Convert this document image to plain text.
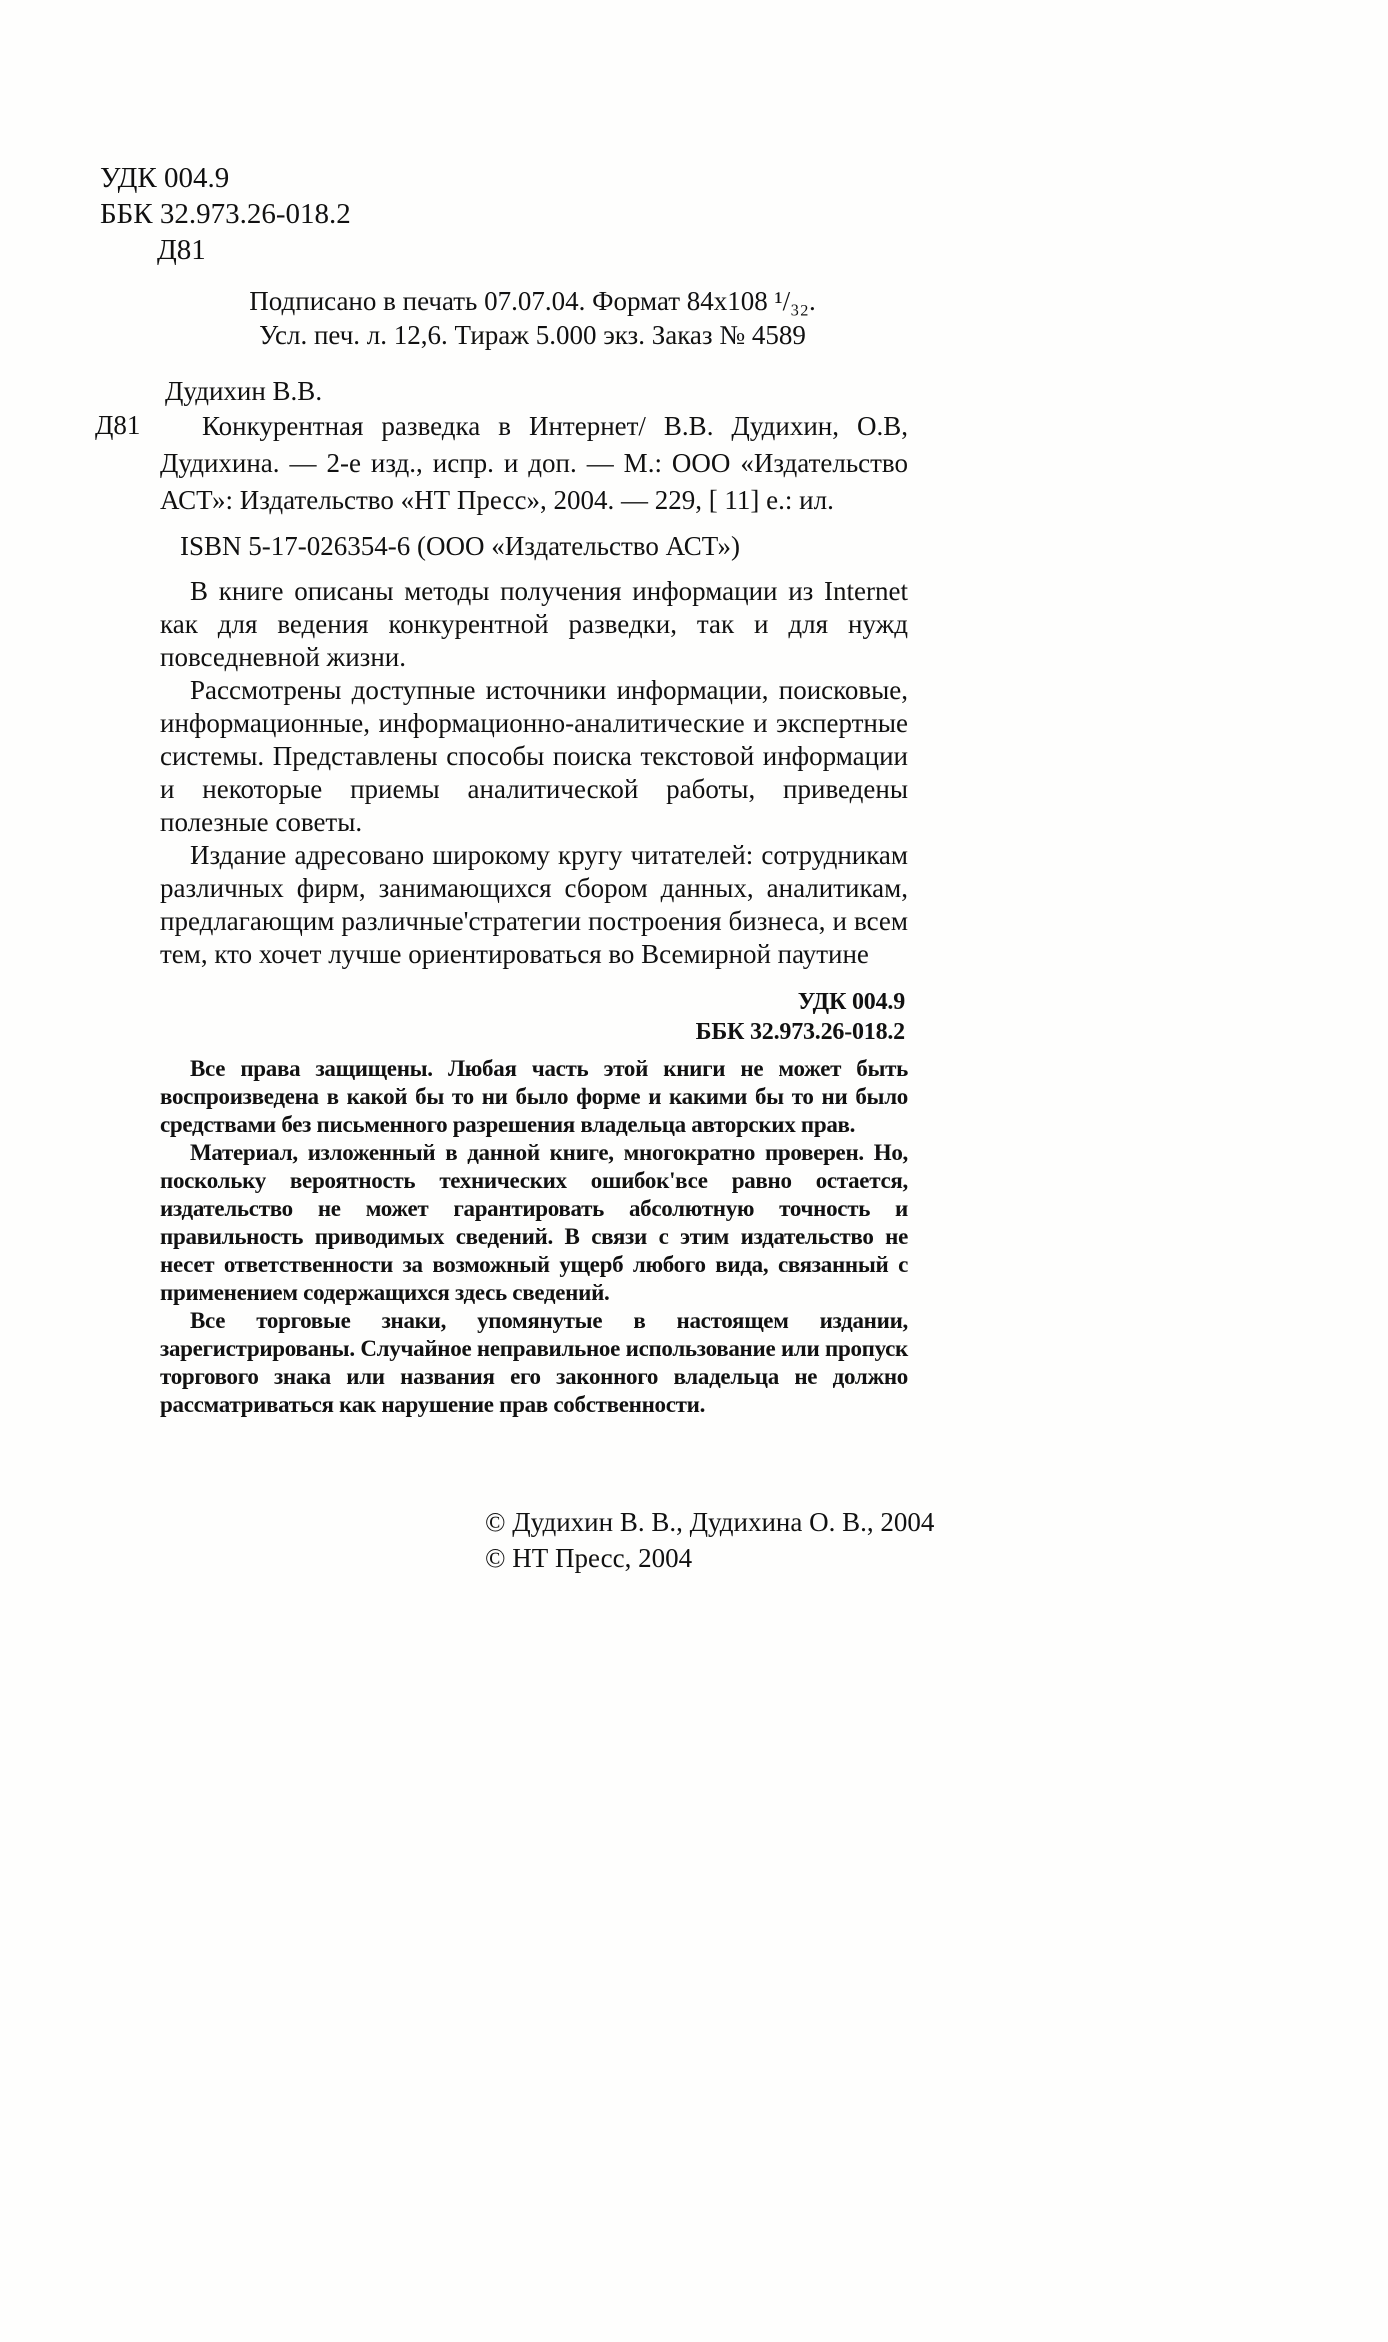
УДК 004.9
ББК 32.973.26-018.2
Д81
Подписано в печать 07.07.04. Формат 84х108 ¹/₃₂.
Усл. печ. л. 12,6. Тираж 5.000 экз. Заказ № 4589
Дудихин В.В.
Д81	Конкурентная разведка в Интернет/ В.В. Дудихин, О.В, Дудихина. — 2-е изд., испр. и доп. — М.: ООО «Издательство АСТ»: Издательство «НТ Пресс», 2004. — 229, [ 11] е.: ил.

ISBN 5-17-026354-6 (ООО «Издательство АСТ»)

В книге описаны методы получения информации из Internet как для ведения конкурентной разведки, так и для нужд повседневной жизни.

Рассмотрены доступные источники информации, поисковые, информационные, информационно-аналитические и экспертные системы. Представлены способы поиска текстовой информации и некоторые приемы аналитической работы, приведены полезные советы.

Издание адресовано широкому кругу читателей: сотрудникам различных фирм, занимающихся сбором данных, аналитикам, предлагающим различные'стратегии построения бизнеса, и всем тем, кто хочет лучше ориентироваться во Всемирной паутине

УДК 004.9
ББК 32.973.26-018.2

Все права защищены. Любая часть этой книги не может быть воспроизведена в какой бы то ни было форме и какими бы то ни было средствами без письменного разрешения владельца авторских прав.

Материал, изложенный в данной книге, многократно проверен. Но, поскольку вероятность технических ошибок'все равно остается, издательство не может гарантировать абсолютную точность и правильность приводимых сведений. В связи с этим издательство не несет ответственности за возможный ущерб любого вида, связанный с применением содержащихся здесь сведений.

Все торговые знаки, упомянутые в настоящем издании, зарегистрированы. Случайное неправильное использование или пропуск торгового знака или названия его законного владельца не должно рассматриваться как нарушение прав собственности.

© Дудихин В. В., Дудихина О. В., 2004
© НТ Пресс, 2004
